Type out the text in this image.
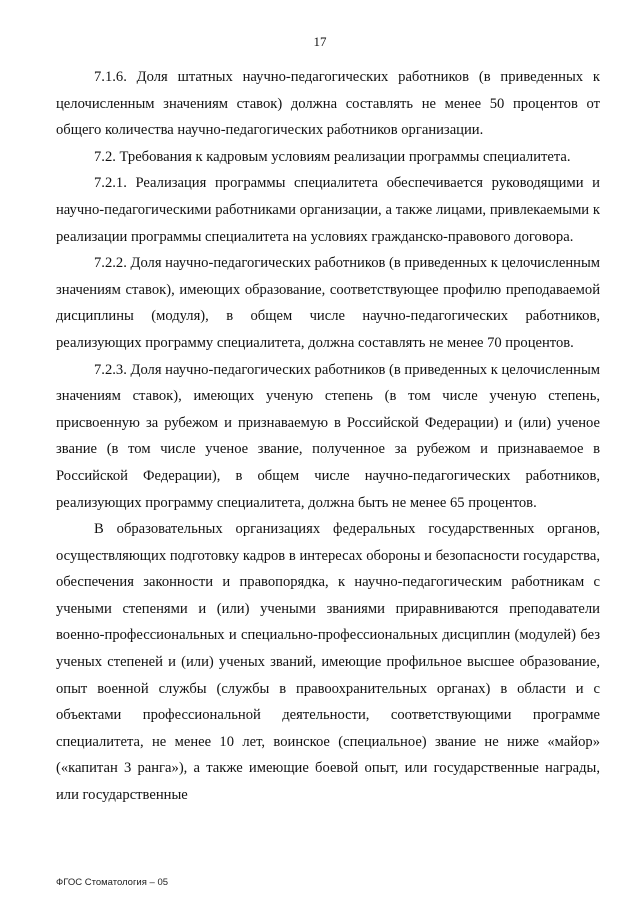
17

7.1.6. Доля штатных научно-педагогических работников (в приведенных к целочисленным значениям ставок) должна составлять не менее 50 процентов от общего количества научно-педагогических работников организации.

7.2. Требования к кадровым условиям реализации программы специалитета.

7.2.1. Реализация программы специалитета обеспечивается руководящими и научно-педагогическими работниками организации, а также лицами, привлекаемыми к реализации программы специалитета на условиях гражданско-правового договора.

7.2.2. Доля научно-педагогических работников (в приведенных к целочисленным значениям ставок), имеющих образование, соответствующее профилю преподаваемой дисциплины (модуля), в общем числе научно-педагогических работников, реализующих программу специалитета, должна составлять не менее 70 процентов.

7.2.3. Доля научно-педагогических работников (в приведенных к целочисленным значениям ставок), имеющих ученую степень (в том числе ученую степень, присвоенную за рубежом и признаваемую в Российской Федерации) и (или) ученое звание (в том числе ученое звание, полученное за рубежом и признаваемое в Российской Федерации), в общем числе научно-педагогических работников, реализующих программу специалитета, должна быть не менее 65 процентов.

В образовательных организациях федеральных государственных органов, осуществляющих подготовку кадров в интересах обороны и безопасности государства, обеспечения законности и правопорядка, к научно-педагогическим работникам с учеными степенями и (или) учеными званиями приравниваются преподаватели военно-профессиональных и специально-профессиональных дисциплин (модулей) без ученых степеней и (или) ученых званий, имеющие профильное высшее образование, опыт военной службы (службы в правоохранительных органах) в области и с объектами профессиональной деятельности, соответствующими программе специалитета, не менее 10 лет, воинское (специальное) звание не ниже «майор» («капитан 3 ранга»), а также имеющие боевой опыт, или государственные награды, или государственные

ФГОС Стоматология – 05
